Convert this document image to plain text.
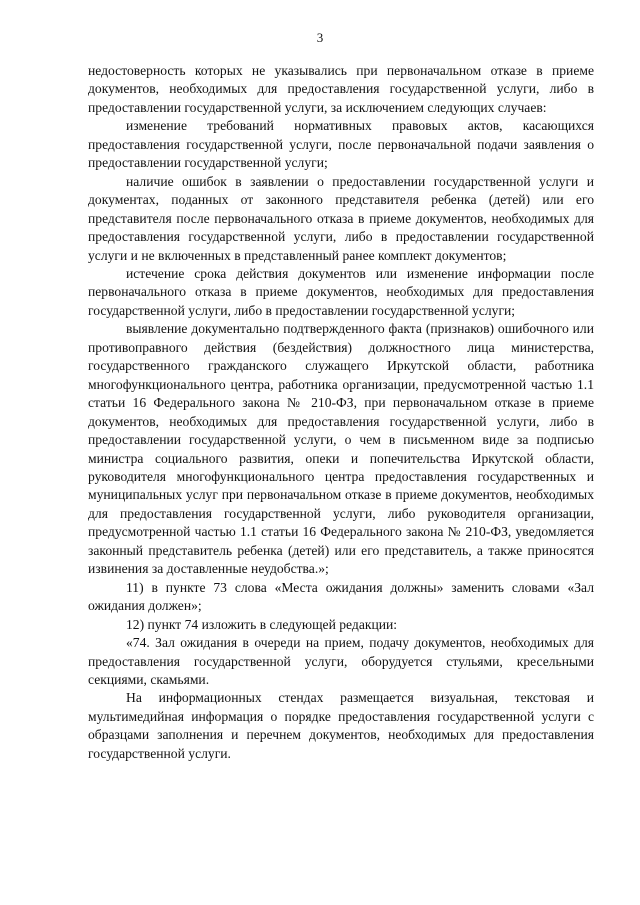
3

недостоверность которых не указывались при первоначальном отказе в приеме документов, необходимых для предоставления государственной услуги, либо в предоставлении государственной услуги, за исключением следующих случаев:

изменение требований нормативных правовых актов, касающихся предоставления государственной услуги, после первоначальной подачи заявления о предоставлении государственной услуги;

наличие ошибок в заявлении о предоставлении государственной услуги и документах, поданных от законного представителя ребенка (детей) или его представителя после первоначального отказа в приеме документов, необходимых для предоставления государственной услуги, либо в предоставлении государственной услуги и не включенных в представленный ранее комплект документов;

истечение срока действия документов или изменение информации после первоначального отказа в приеме документов, необходимых для предоставления государственной услуги, либо в предоставлении государственной услуги;

выявление документально подтвержденного факта (признаков) ошибочного или противоправного действия (бездействия) должностного лица министерства, государственного гражданского служащего Иркутской области, работника многофункционального центра, работника организации, предусмотренной частью 1.1 статьи 16 Федерального закона № 210-ФЗ, при первоначальном отказе в приеме документов, необходимых для предоставления государственной услуги, либо в предоставлении государственной услуги, о чем в письменном виде за подписью министра социального развития, опеки и попечительства Иркутской области, руководителя многофункционального центра предоставления государственных и муниципальных услуг при первоначальном отказе в приеме документов, необходимых для предоставления государственной услуги, либо руководителя организации, предусмотренной частью 1.1 статьи 16 Федерального закона № 210-ФЗ, уведомляется законный представитель ребенка (детей) или его представитель, а также приносятся извинения за доставленные неудобства.»;

11) в пункте 73 слова «Места ожидания должны» заменить словами «Зал ожидания должен»;

12) пункт 74 изложить в следующей редакции:

«74. Зал ожидания в очереди на прием, подачу документов, необходимых для предоставления государственной услуги, оборудуется стульями, кресельными секциями, скамьями.

На информационных стендах размещается визуальная, текстовая и мультимедийная информация о порядке предоставления государственной услуги с образцами заполнения и перечнем документов, необходимых для предоставления государственной услуги.
